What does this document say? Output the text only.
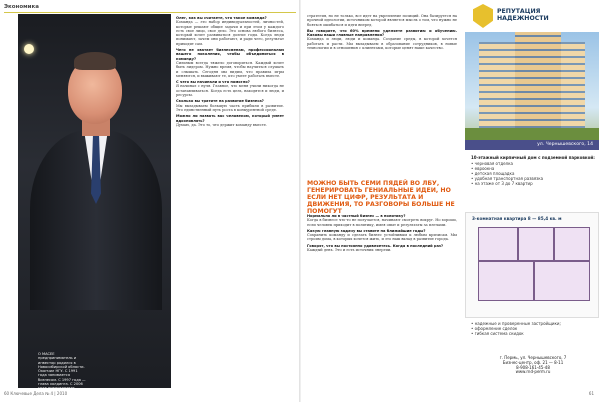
Экономика
О МАСЕЕ предприниматель и инвестор родился в Новосибирской области. Окончил НГУ. С 1991 года занимается бизнесом. С 1997 года — глава холдинга. С 2006
Олег, как вы считаете, что такое команда?

Команда — это набор индивидуальностей, личностей, которые решают общие задачи и при этом у каждого есть свое лицо, свое дело. Это основа любого бизнеса, который хочет развиваться долгие годы. Когда люди понимают, зачем они работают, и ради чего, результат приходит сам.

Чего не хватает бизнесменам, профессионалам вашего поколения, чтобы объединиться в команду?

Сильным всегда тяжело договориться. Каждый хочет быть лидером. Нужно время, чтобы научиться слушать и слышать. Сегодня мы видим, что правила игры меняются, и выживают те, кто умеет работать вместе.

С чего вы начинали и что помогло?

Я начинал с нуля. Главное, что меня учили никогда не останавливаться. Когда есть цель, находятся и люди, и ресурсы.

Сколько вы тратите на развитие бизнеса?

Мы вкладываем большую часть прибыли в развитие. Это единственный путь роста в конкурентной среде.

Можно ли назвать вас человеком, который умеет вдохновлять?

Думаю, да. Это то, что держит команду вместе.

60 Ключевые Дела № 4 | 2010

стратегия, но не только, все идет на укрепление позиций. Она базируется на прочной идеологии, источником которой является мысль о том, что нужно не бояться ошибаться и идти вперед.

Вы говорите, что 60% времени уделяете развитию и обучению. Каковы ваши главные направления?

Команда и люди, люди и команда. Создание среды, в которой хочется работать и расти. Мы вкладываем в образование сотрудников, в новые технологии и в отношения с клиентами, которые ценят наше качество.

МОЖНО БЫТЬ СЕМИ ПЯДЕЙ ВО ЛБУ, ГЕНЕРИРОВАТЬ ГЕНИАЛЬНЫЕ ИДЕИ, НО ЕСЛИ НЕТ ЦИФР, РЕЗУЛЬТАТА И ДВИЖЕНИЯ, ТО РАЗГОВОРЫ БОЛЬШЕ НЕ ПОМОГУТ
Нормально ли в частный бизнес — в политику?

Когда в бизнесе что-то не получается, начинают смотреть вокруг. Но хорошо, если человек приходит в политику, имея опыт и результаты за плечами.

Какую главную задачу вы ставите на ближайшие годы?

Сохранить команду и сделать бизнес устойчивым к любым кризисам. Мы строим дома, в которых хочется жить, и это наш вклад в развитие города.

Говорят, что вы постоянно удивляетесь. Когда в последний раз?

Каждый день. Это и есть источник энергии.

РЕПУТАЦИЯ НАДЕЖНОСТИ
ул. Чернышевского, 14
10-этажный кирпичный дом с подземной парковкой:
• черновая отделка
• евроокна
• детская площадка
• удобная транспортная развязка
• на этаже от 3 до 7 квартир
3-комнатная квартира 8 — 85,4 кв. м
• надежные и проверенные застройщики;
• оформление сделок
• гибкая система скидок
г. Пермь, ул. Чернышевского, 7
Бизнес-центр, оф. 21 — 8-11
8-908-161-45-48
www.rnd-perm.ru
61
